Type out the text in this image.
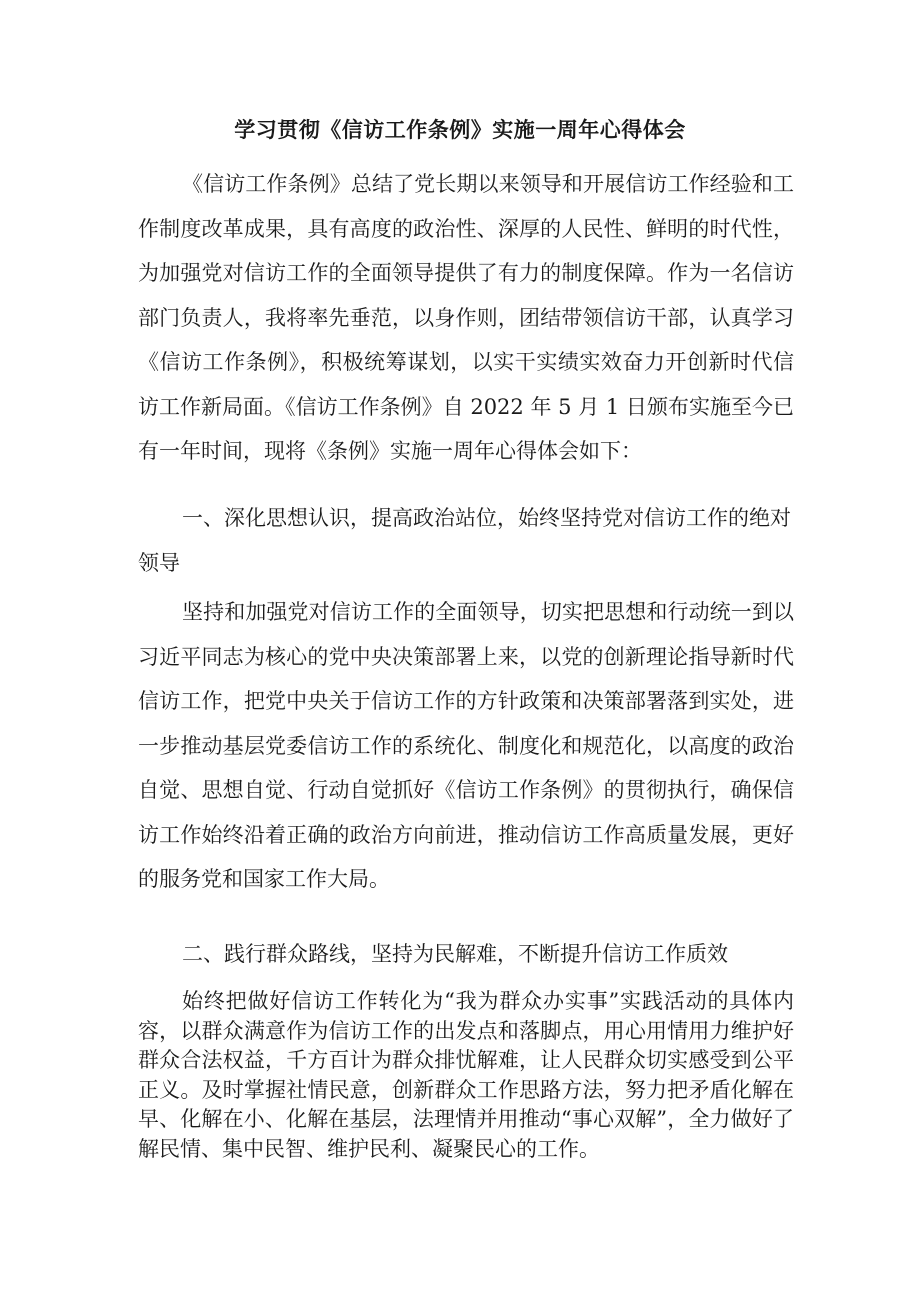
学习贯彻《信访工作条例》实施一周年心得体会

《信访工作条例》总结了党长期以来领导和开展信访工作经验和工作制度改革成果，具有高度的政治性、深厚的人民性、鲜明的时代性，为加强党对信访工作的全面领导提供了有力的制度保障。作为一名信访部门负责人，我将率先垂范，以身作则，团结带领信访干部，认真学习《信访工作条例》，积极统筹谋划，以实干实绩实效奋力开创新时代信访工作新局面。《信访工作条例》自 2022 年 5 月 1 日颁布实施至今已有一年时间，现将《条例》实施一周年心得体会如下：

一、深化思想认识，提高政治站位，始终坚持党对信访工作的绝对领导

坚持和加强党对信访工作的全面领导，切实把思想和行动统一到以习近平同志为核心的党中央决策部署上来，以党的创新理论指导新时代信访工作，把党中央关于信访工作的方针政策和决策部署落到实处，进一步推动基层党委信访工作的系统化、制度化和规范化，以高度的政治自觉、思想自觉、行动自觉抓好《信访工作条例》的贯彻执行，确保信访工作始终沿着正确的政治方向前进，推动信访工作高质量发展，更好的服务党和国家工作大局。

二、践行群众路线，坚持为民解难，不断提升信访工作质效

始终把做好信访工作转化为“我为群众办实事”实践活动的具体内容，以群众满意作为信访工作的出发点和落脚点，用心用情用力维护好群众合法权益，千方百计为群众排忧解难，让人民群众切实感受到公平正义。及时掌握社情民意，创新群众工作思路方法，努力把矛盾化解在早、化解在小、化解在基层，法理情并用推动“事心双解”，全力做好了解民情、集中民智、维护民利、凝聚民心的工作。
